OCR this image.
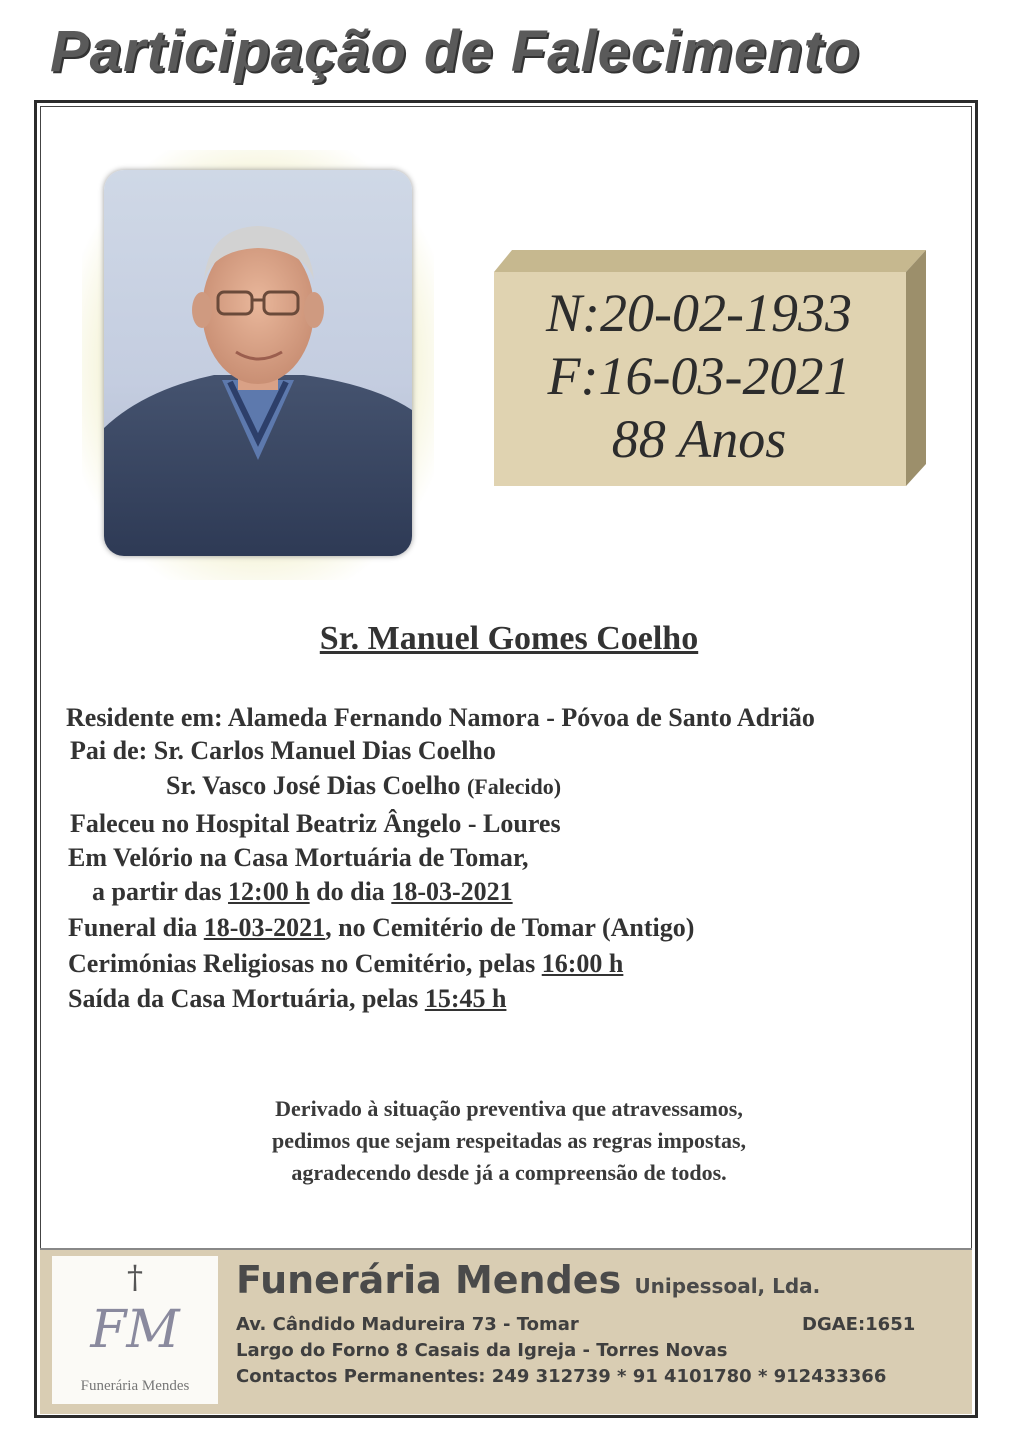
Participação de Falecimento
N:20-02-1933
F:16-03-2021
88 Anos
Sr. Manuel Gomes Coelho
Residente em: Alameda Fernando Namora - Póvoa de Santo Adrião
Pai de: Sr. Carlos Manuel Dias Coelho
Sr. Vasco José Dias Coelho (Falecido)
Faleceu no Hospital Beatriz Ângelo - Loures
Em Velório na Casa Mortuária de Tomar,
a partir das 12:00 h do dia 18-03-2021
Funeral dia 18-03-2021, no Cemitério de Tomar (Antigo)
Cerimónias Religiosas no Cemitério, pelas 16:00 h
Saída da Casa Mortuária, pelas 15:45 h
Derivado à situação preventiva que atravessamos,
pedimos que sejam respeitadas as regras impostas,
agradecendo desde já a compreensão de todos.
†
FM
Funerária Mendes
Funerária Mendes Unipessoal, Lda.
Av. Cândido Madureira 73 - Tomar	DGAE:1651
Largo do Forno 8 Casais da Igreja - Torres Novas
Contactos Permanentes: 249 312739 * 91 4101780 * 912433366
